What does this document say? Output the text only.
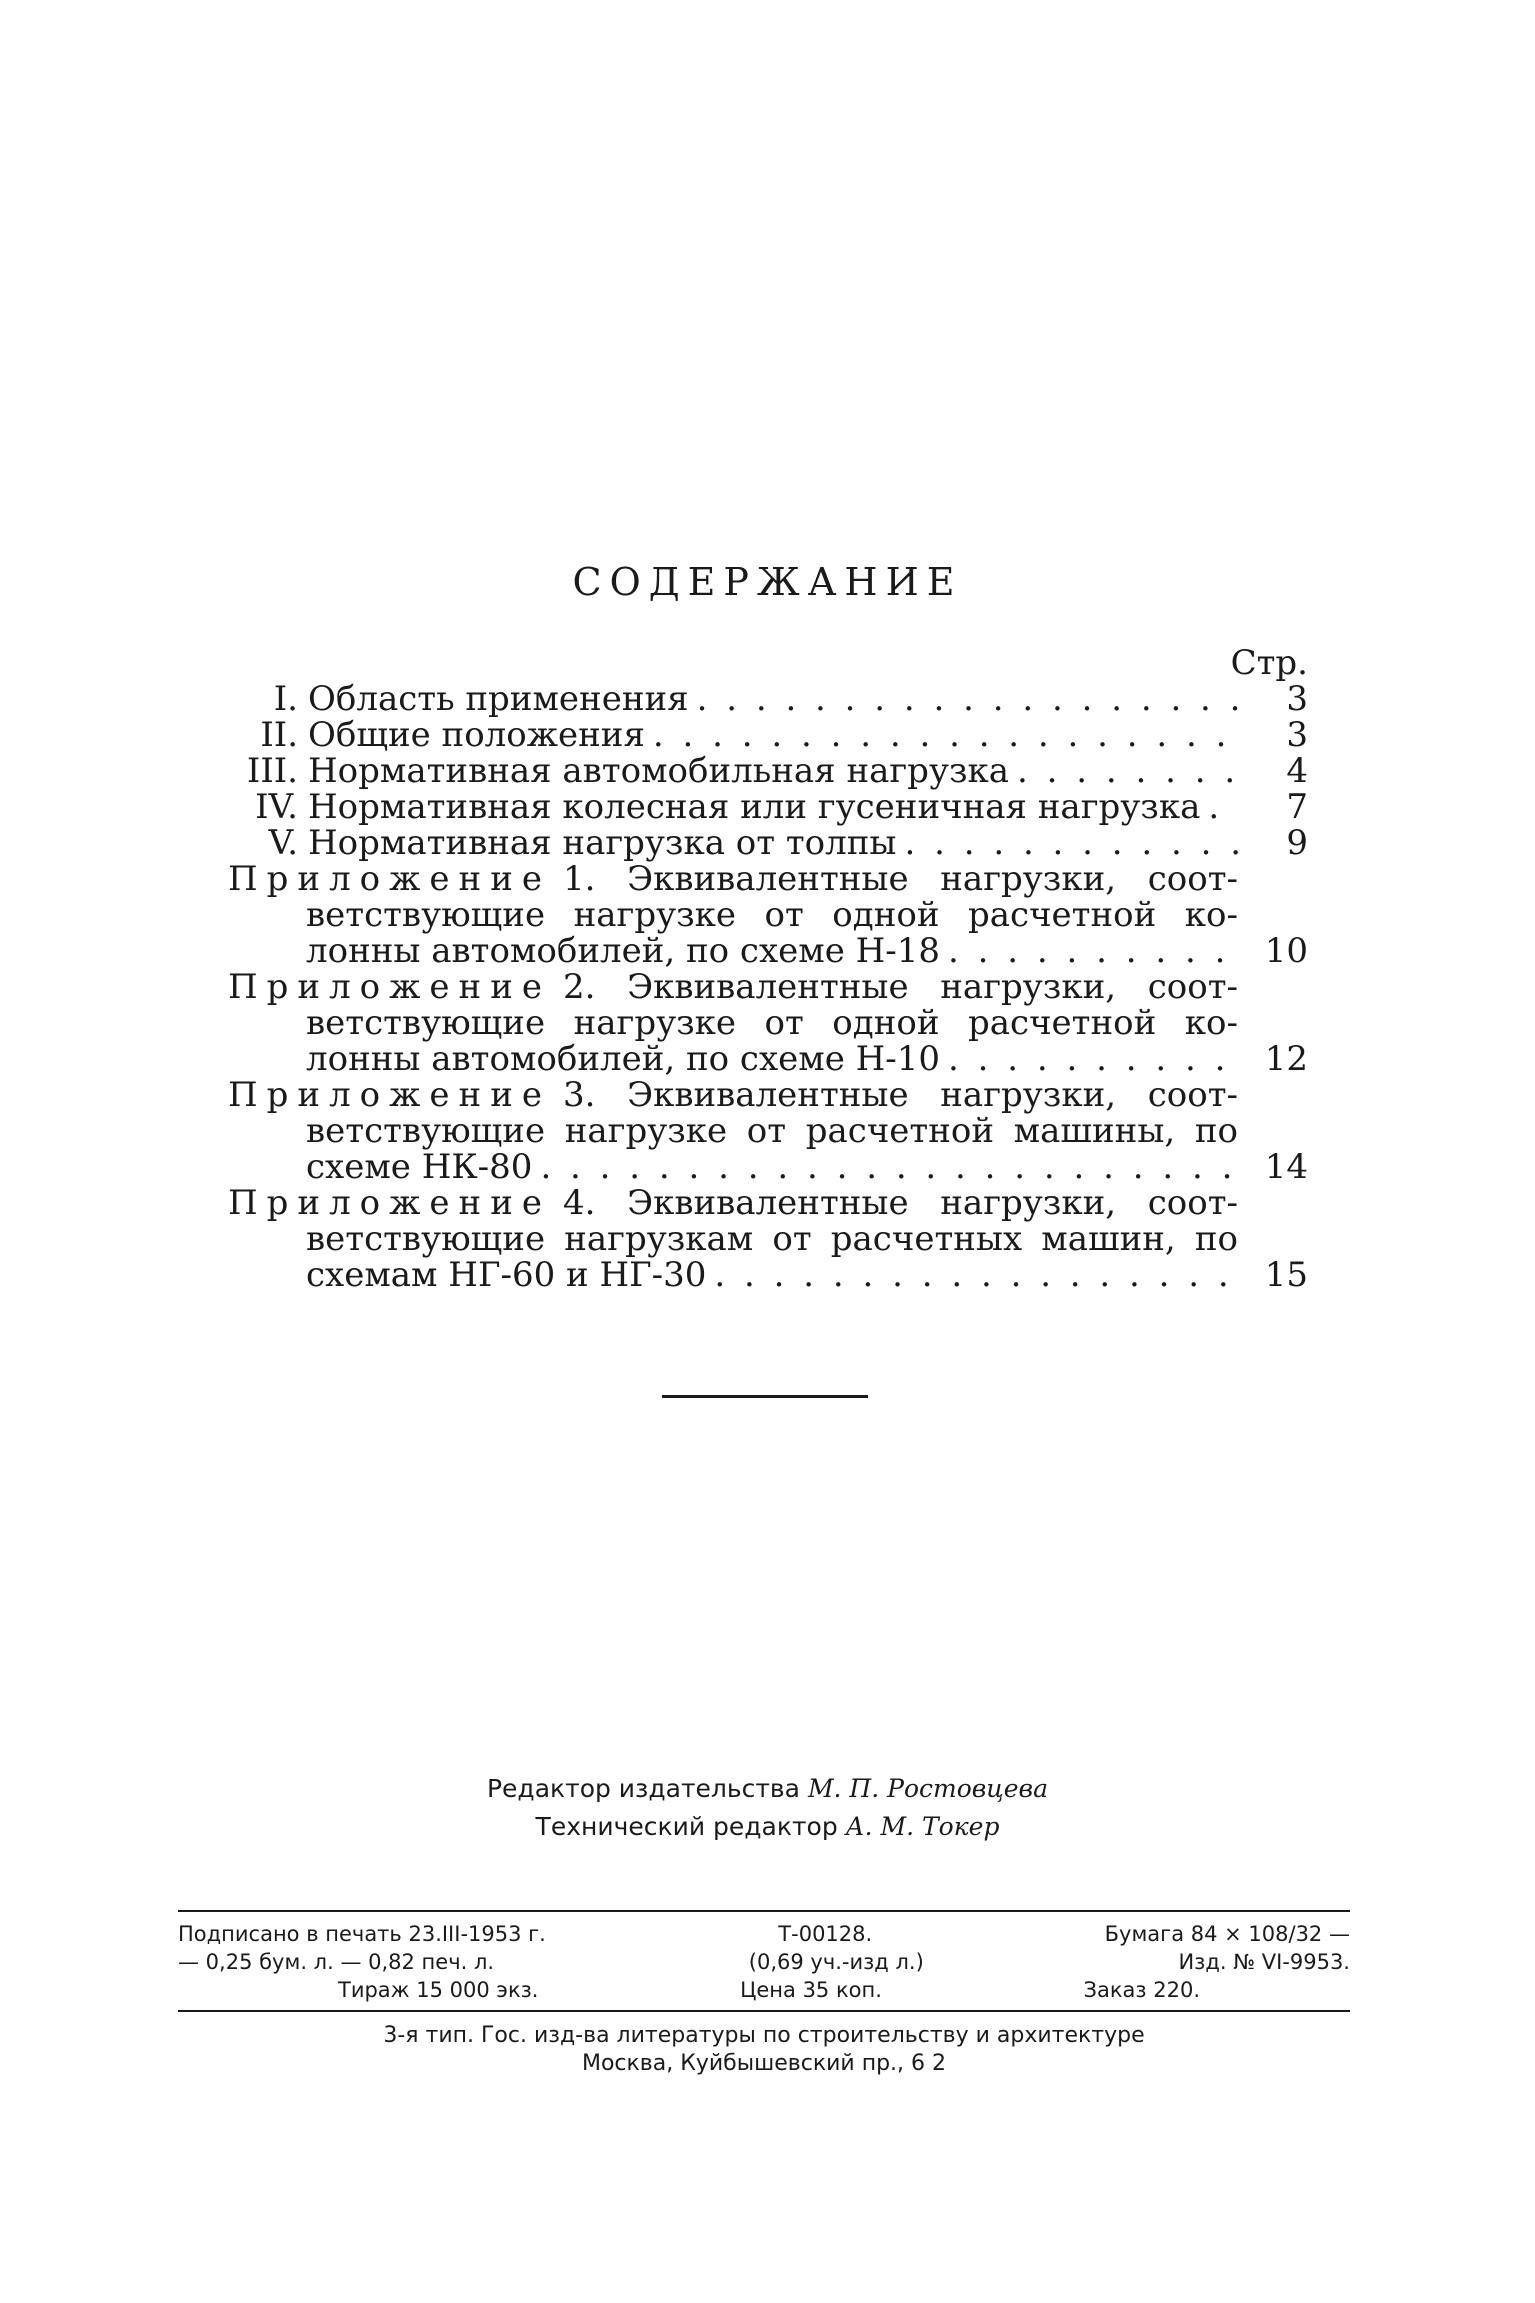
СОДЕРЖАНИЕ
Стр.
I. Область применения . . .	3
II. Общие положения . . .	3
III. Нормативная автомобильная нагрузка . . .	4
IV. Нормативная колесная или гусеничная нагрузка . . .	7
V. Нормативная нагрузка от толпы . . .	9
Приложение 1. Эквивалентные нагрузки, соот-
ветствующие нагрузке от одной расчетной ко-
лонны автомобилей, по схеме Н-18 . . .	10
Приложение 2. Эквивалентные нагрузки, соот-
ветствующие нагрузке от одной расчетной ко-
лонны автомобилей, по схеме Н-10 . . .	12
Приложение 3. Эквивалентные нагрузки, соот-
ветствующие нагрузке от расчетной машины, по
схеме НК-80 . . .	14
Приложение 4. Эквивалентные нагрузки, соот-
ветствующие нагрузкам от расчетных машин, по
схемам НГ-60 и НГ-30 . . .	15
Редактор издательства М. П. Ростовцева
Технический редактор А. М. Токер
Подписано в печать 23.III-1953 г.	Т-00128.	Бумага 84 × 108/32 —
— 0,25 бум. л. — 0,82 печ. л.	(0,69 уч.-изд л.)	Изд. № VI-9953.
Тираж 15 000 экз.	Цена 35 коп.	Заказ 220.
3-я тип. Гос. изд-ва литературы по строительству и архитектуре
Москва, Куйбышевский пр., 6 2
